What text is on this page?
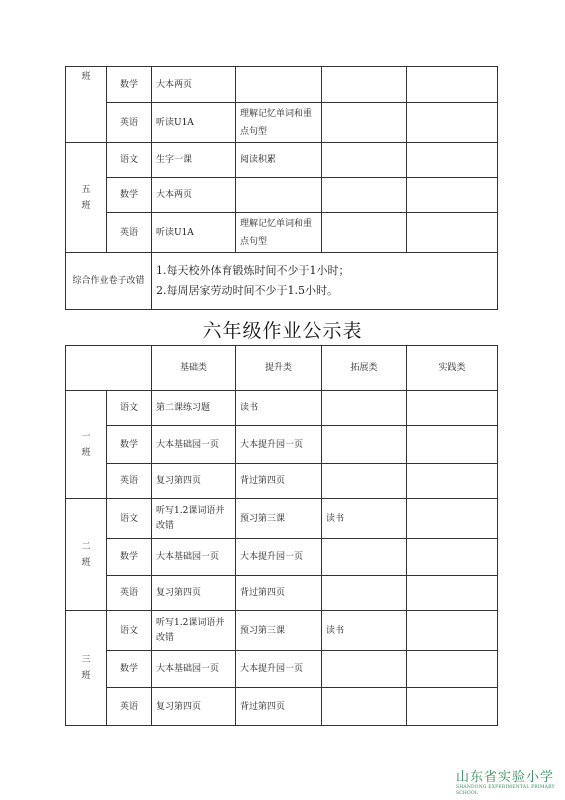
班	数学	大本两页			
	英语	听读U1A	理解记忆单词和重点句型		

五
班	语文	生字一课	阅读积累		
	数学	大本两页			
	英语	听读U1A	理解记忆单词和重点句型		
综合作业卷子改错		1.每天校外体育锻炼时间不少于1小时；
2.每周居家劳动时间不少于1.5小时。			
六年级作业公示表
		基础类	提升类	拓展类	实践类

一
班	语文	第二课练习题	读书		
	数学	大本基础园一页	大本提升园一页		
	英语	复习第四页	背过第四页		

二
班	语文	听写1.2课词语并改错	预习第三课	读书	
	数学	大本基础园一页	大本提升园一页		
	英语	复习第四页	背过第四页		

三
班	语文	听写1.2课词语并改错	预习第三课	读书	
	数学	大本基础园一页	大本提升园一页		
	英语	复习第四页	背过第四页		
山东省实验小学
SHANDONG EXPERIMENTAL PRIMARY SCHOOL
